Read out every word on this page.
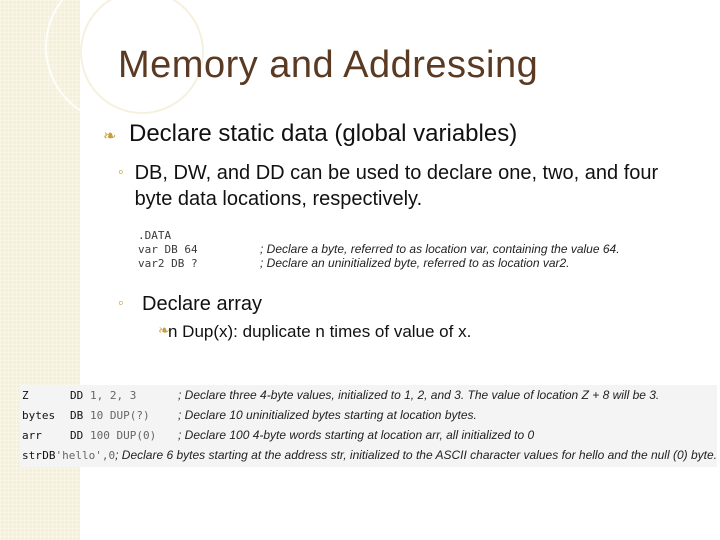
Memory and Addressing
❧ Declare static data (global variables)
◦ DB, DW, and DD can be used to declare one, two, and four byte data locations, respectively.
.DATA
var DB 64	; Declare a byte, referred to as location var, containing the value 64.
var2 DB ?	; Declare an uninitialized byte, referred to as location var2.
◦ Declare array
❧
n Dup(x): duplicate n times of value of x.
Z	DD 1, 2, 3	; Declare three 4-byte values, initialized to 1, 2, and 3. The value of location Z + 8 will be 3.
bytes	DB 10 DUP(?)	; Declare 10 uninitialized bytes starting at location bytes.
arr	DD 100 DUP(0)	; Declare 100 4-byte words starting at location arr, all initialized to 0
str DB 'hello',0 ; Declare 6 bytes starting at the address str, initialized to the ASCII character values for hello and the null (0) byte.
